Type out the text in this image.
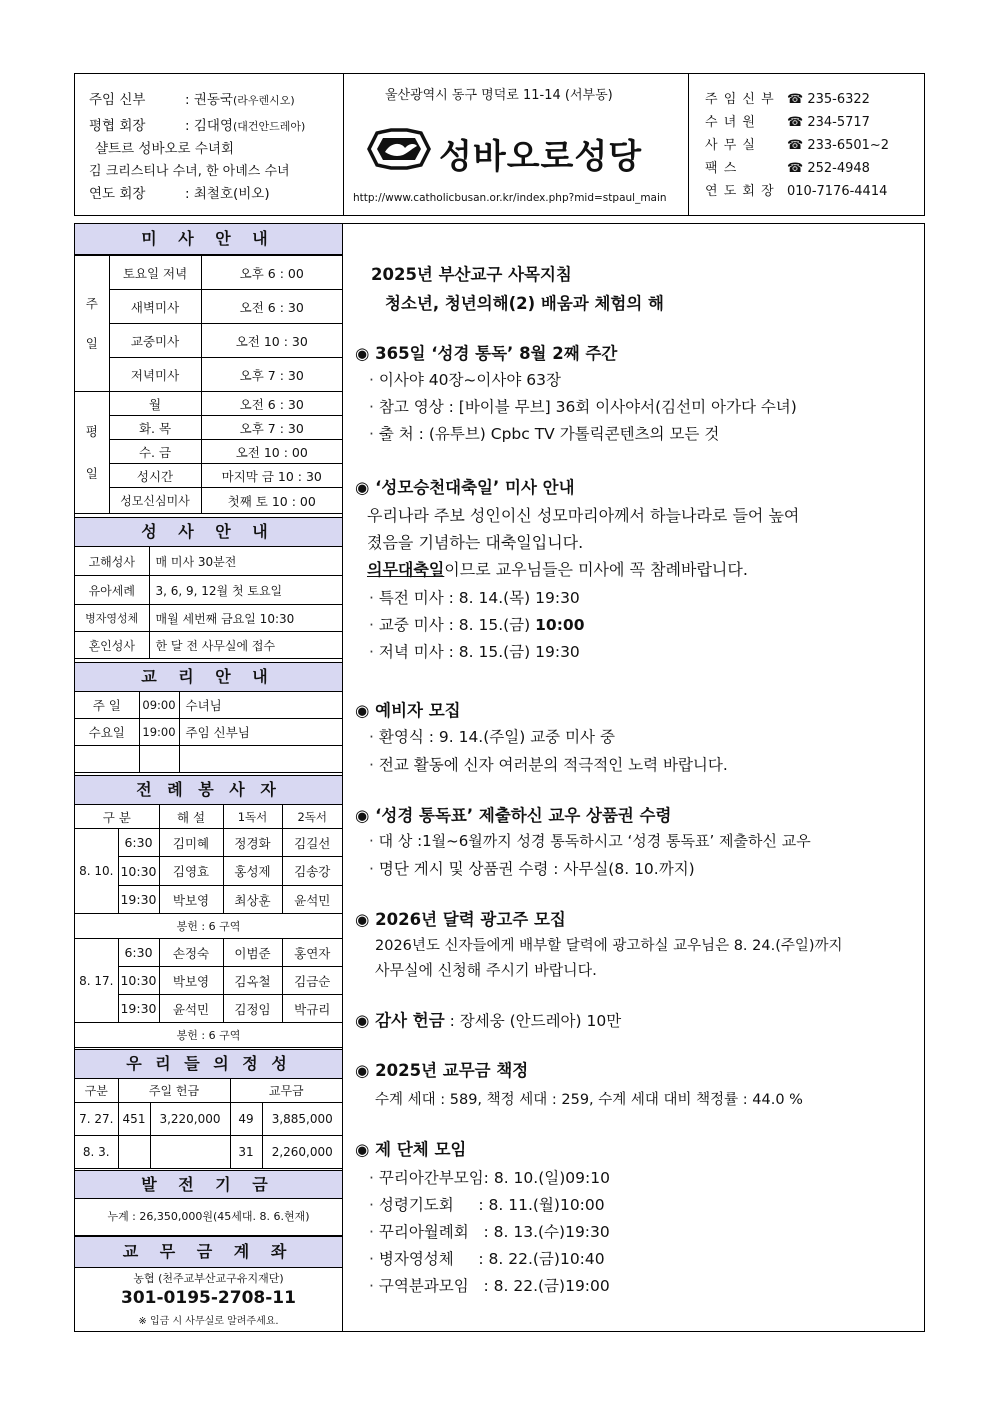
주임 신부	: 권동국(라우렌시오)
평협 회장	: 김대영(대건안드레아)
샬트르 성바오로 수녀회
김 크리스티나 수녀, 한 아녜스 수녀
연도 회장	: 최철호(비오)
울산광역시 동구 명덕로 11-14 (서부동)
성바오로성당
http://www.catholicbusan.or.kr/index.php?mid=stpaul_main
주 임 신 부 ☎ 235-6322
수 녀 원 ☎ 234-5717
사 무 실 ☎ 233-6501~2
팩 스	☎ 252-4948
연 도 회 장 010-7176-4414
미 사 안 내
주
일	토요일 저녁	오후 6 : 00
	새벽미사	오전 6 : 30
	교중미사	오전 10 : 30
	저녁미사	오후 7 : 30
평
일	월	오전 6 : 30
	화. 목	오후 7 : 30
	수. 금	오전 10 : 00
	성시간	마지막 금 10 : 30
	성모신심미사	첫째 토 10 : 00
성 사 안 내
고해성사	매 미사 30분전
유아세례	3, 6, 9, 12월 첫 토요일
병자영성체	매월 세번째 금요일 10:30
혼인성사	한 달 전 사무실에 접수
교 리 안 내
주 일	09:00	수녀님
수요일	19:00	주임 신부님

전 례 봉 사 자
구 분		해 설	1독서	2독서
8. 10.	6:30	김미혜	정경화	김길선
	10:30	김영효	홍성제	김송강
	19:30	박보영	최상훈	윤석민
봉헌 : 6 구역				
8. 17.	6:30	손정숙	이범준	홍연자
	10:30	박보영	김옥철	김금순
	19:30	윤석민	김정임	박규리
봉헌 : 6 구역				
우 리 들 의 정 성
구분	주일 헌금		교무금	
7. 27.	451	3,220,000	49	3,885,000
8. 3.			31	2,260,000
발 전 기 금
누계 : 26,350,000원(45세대. 8. 6.현재)
교 무 금 계 좌
농협 (천주교부산교구유지재단)
301-0195-2708-11
※ 입금 시 사무실로 알려주세요.
2025년 부산교구 사목지침
청소년, 청년의해(2) 배움과 체험의 해
◉ 365일 ‘성경 통독’ 8월 2째 주간
· 이사야 40장~이사야 63장
· 참고 영상 : [바이블 무브] 36회 이사야서(김선미 아가다 수녀)
· 출 처 : (유투브) Cpbc TV 가톨릭콘텐츠의 모든 것
◉ ‘성모승천대축일’ 미사 안내
우리나라 주보 성인이신 성모마리아께서 하늘나라로 들어 높여
졌음을 기념하는 대축일입니다.
의무대축일이므로 교우님들은 미사에 꼭 참례바랍니다.
· 특전 미사 : 8. 14.(목) 19:30
· 교중 미사 : 8. 15.(금) 10:00
· 저녁 미사 : 8. 15.(금) 19:30
◉ 예비자 모집
· 환영식 : 9. 14.(주일) 교중 미사 중
· 전교 활동에 신자 여러분의 적극적인 노력 바랍니다.
◉ ‘성경 통독표’ 제출하신 교우 상품권 수령
· 대 상 :1월~6월까지 성경 통독하시고 ‘성경 통독표’ 제출하신 교우
· 명단 게시 및 상품권 수령 : 사무실(8. 10.까지)
◉ 2026년 달력 광고주 모집
2026년도 신자들에게 배부할 달력에 광고하실 교우님은 8. 24.(주일)까지
사무실에 신청해 주시기 바랍니다.
◉ 감사 헌금 : 장세웅 (안드레아) 10만
◉ 2025년 교무금 책정
수계 세대 : 589, 책정 세대 : 259, 수계 세대 대비 책정률 : 44.0 %
◉ 제 단체 모임
· 꾸리아간부모임: 8. 10.(일)09:10
· 성령기도회     : 8. 11.(월)10:00
· 꾸리아월례회   : 8. 13.(수)19:30
· 병자영성체     : 8. 22.(금)10:40
· 구역분과모임   : 8. 22.(금)19:00
